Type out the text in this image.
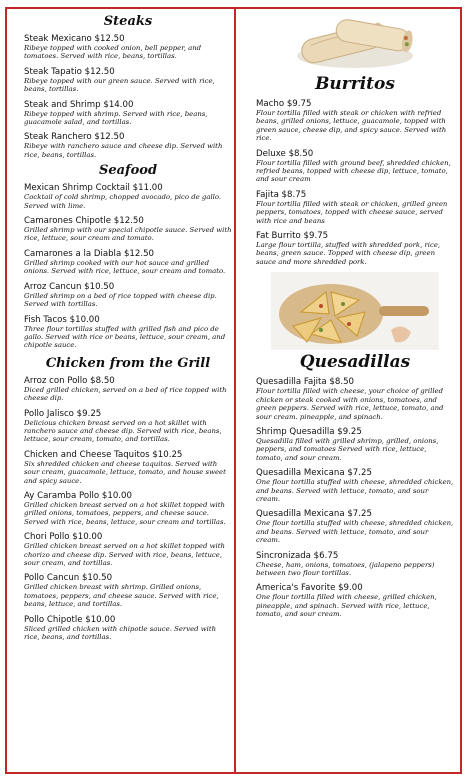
Steaks
Steak Mexicano $12.50
Ribeye topped with cooked onion, bell pepper, and tomatoes. Served with rice, beans, tortillas.
Steak Tapatio $12.50
Ribeye topped with our green sauce. Served with rice, beans, tortillas.
Steak and Shrimp $14.00
Ribeye topped with shrimp. Served with rice, beans, guacamole salad, and tortillas.
Steak Ranchero $12.50
Ribeye with ranchero sauce and cheese dip. Served with rice, beans, tortillas.
Seafood
Mexican Shrimp Cocktail $11.00
Cocktail of cold shrimp, chopped avocado, pico de gallo. Served with lime.
Camarones Chipotle $12.50
Grilled shrimp with our special chipotle sauce. Served with rice, lettuce, sour cream and tomato.
Camarones a la Diabla $12.50
Grilled shrimp cooked with our hot sauce and grilled onions. Served with rice, lettuce, sour cream and tomato.
Arroz Cancun $10.50
Grilled shrimp on a bed of rice topped with cheese dip. Served with tortillas.
Fish Tacos $10.00
Three flour tortillas stuffed with grilled fish and pico de gallo. Served with rice or beans, lettuce, sour cream, and chipotle sauce.
Chicken from the Grill
Arroz con Pollo $8.50
Diced grilled chicken, served on a bed of rice topped with cheese dip.
Pollo Jalisco $9.25
Delicious chicken breast served on a hot skillet with ranchero sauce and cheese dip. Served with rice, beans, lettuce, sour cream, tomato, and tortillas.
Chicken and Cheese Taquitos $10.25
Six shredded chicken and cheese taquitos. Served with sour cream, guacamole, lettuce, tomato, and house sweet and spicy sauce.
Ay Caramba Pollo $10.00
Grilled chicken breast served on a hot skillet topped with grilled onions, tomatoes, peppers, and cheese sauce. Served with rice, beans, lettuce, sour cream and tortillas.
Chori Pollo $10.00
Grilled chicken breast served on a hot skillet topped with chorizo and cheese dip. Served with rice, beans, lettuce, sour cream, and tortillas.
Pollo Cancun $10.50
Grilled chicken breast with shrimp. Grilled onions, tomatoes, peppers, and cheese sauce. Served with rice, beans, lettuce, and tortillas.
Pollo Chipotle $10.00
Sliced grilled chicken with chipotle sauce. Served with rice, beans, and tortillas.
Burritos
Macho $9.75
Flour tortilla filled with steak or chicken with refried beans, grilled onions, lettuce, guacamole, topped with green sauce, cheese dip, and spicy sauce. Served with rice.
Deluxe $8.50
Flour tortilla filled with ground beef, shredded chicken, refried beans, topped with cheese dip, lettuce, tomato, and sour cream
Fajita $8.75
Flour tortilla filled with steak or chicken, grilled green peppers, tomatoes, topped with cheese sauce, served with rice and beans
Fat Burrito $9.75
Large flour tortilla, stuffed with shredded pork, rice, beans, green sauce. Topped with cheese dip, green sauce and more shredded pork.
Quesadillas
Quesadilla Fajita $8.50
Flour tortilla filled with cheese, your choice of grilled chicken or steak cooked with onions, tomatoes, and green peppers. Served with rice, lettuce, tomato, and sour cream. pineapple, and spinach.
Shrimp Quesadilla $9.25
Quesadilla filled with grilled shrimp, grilled, onions, peppers, and tomatoes Served with rice, lettuce, tomato, and sour cream.
Quesadilla Mexicana $7.25
One flour tortilla stuffed with cheese, shredded chicken, and beans. Served with lettuce, tomato, and sour cream.
Quesadilla Mexicana $7.25
One flour tortilla stuffed with cheese, shredded chicken, and beans. Served with lettuce, tomato, and sour cream.
Sincronizada $6.75
Cheese, ham, onions, tomatoes, (jalapeno peppers) between two flour tortillas.
America's Favorite $9.00
One flour tortilla filled with cheese, grilled chicken, pineapple, and spinach. Served with rice, lettuce, tomato, and sour cream.
